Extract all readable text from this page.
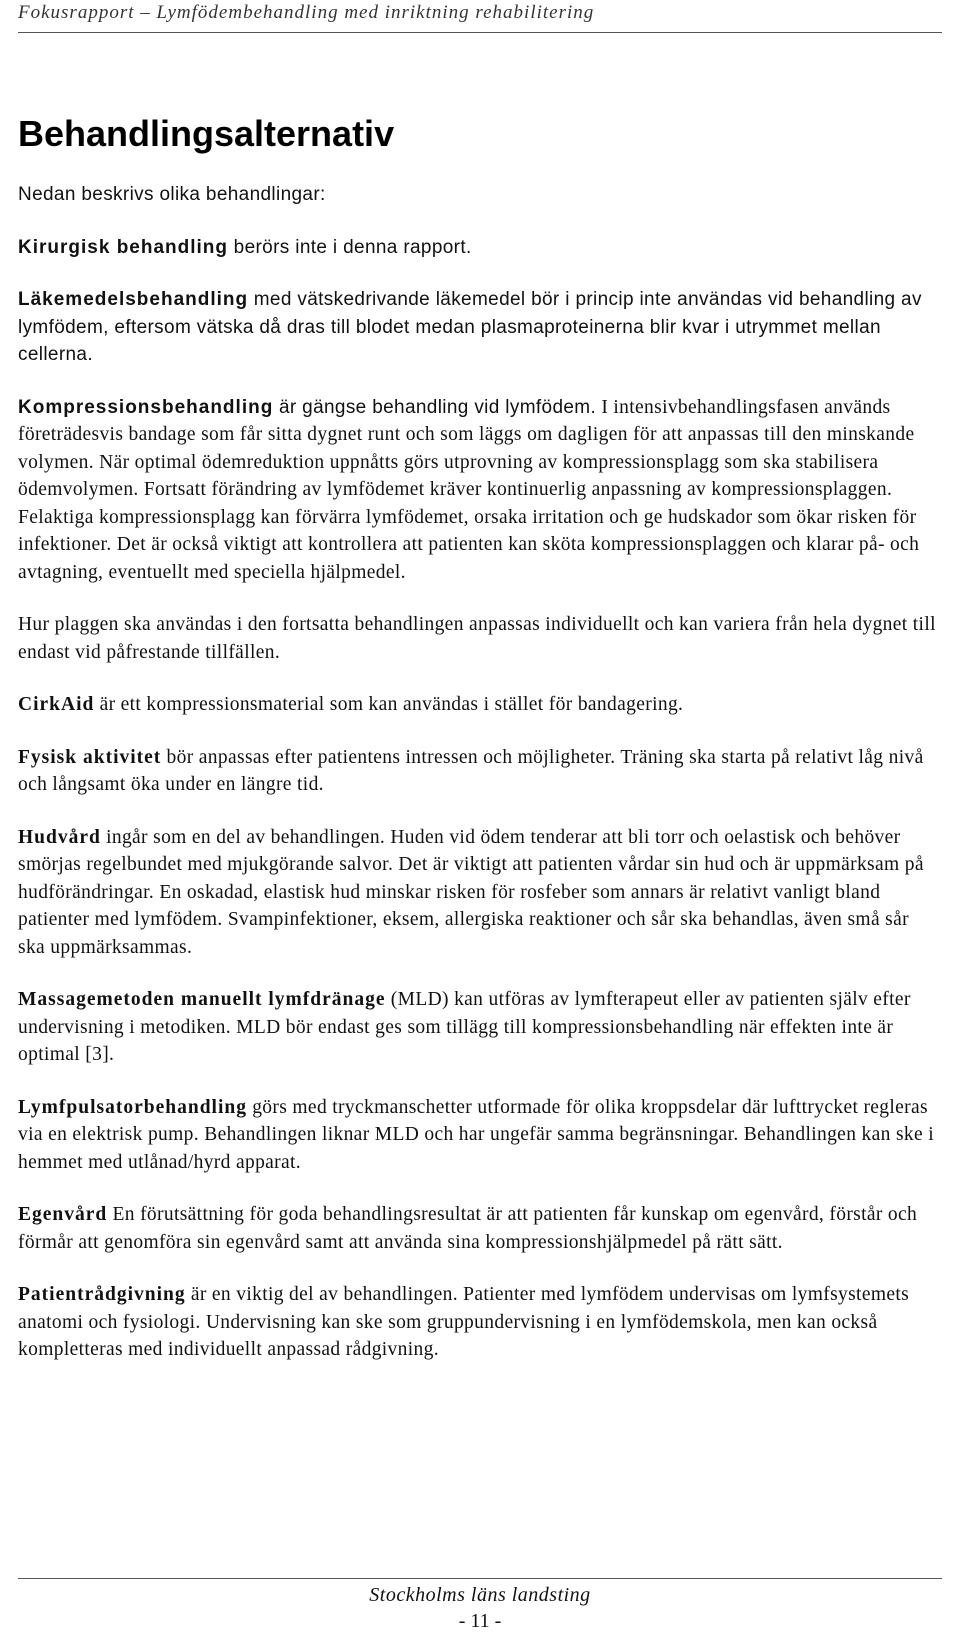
Fokusrapport – Lymfödembehandling med inriktning rehabilitering
Behandlingsalternativ

Nedan beskrivs olika behandlingar:

Kirurgisk behandling berörs inte i denna rapport.

Läkemedelsbehandling med vätskedrivande läkemedel bör i princip inte användas vid behandling av lymfödem, eftersom vätska då dras till blodet medan plasmaproteinerna blir kvar i utrymmet mellan cellerna.

Kompressionsbehandling är gängse behandling vid lymfödem. I intensivbehandlingsfasen används företrädesvis bandage som får sitta dygnet runt och som läggs om dagligen för att anpassas till den minskande volymen. När optimal ödemreduktion uppnåtts görs utprovning av kompressionsplagg som ska stabilisera ödemvolymen. Fortsatt förändring av lymfödemet kräver kontinuerlig anpassning av kompressionsplaggen. Felaktiga kompressionsplagg kan förvärra lymfödemet, orsaka irritation och ge hudskador som ökar risken för infektioner. Det är också viktigt att kontrollera att patienten kan sköta kompressionsplaggen och klarar på- och avtagning, eventuellt med speciella hjälpmedel.

Hur plaggen ska användas i den fortsatta behandlingen anpassas individuellt och kan variera från hela dygnet till endast vid påfrestande tillfällen.

CirkAid är ett kompressionsmaterial som kan användas i stället för bandagering.

Fysisk aktivitet bör anpassas efter patientens intressen och möjligheter. Träning ska starta på relativt låg nivå och långsamt öka under en längre tid.

Hudvård ingår som en del av behandlingen. Huden vid ödem tenderar att bli torr och oelastisk och behöver smörjas regelbundet med mjukgörande salvor. Det är viktigt att patienten vårdar sin hud och är uppmärksam på hudförändringar. En oskadad, elastisk hud minskar risken för rosfeber som annars är relativt vanligt bland patienter med lymfödem. Svampinfektioner, eksem, allergiska reaktioner och sår ska behandlas, även små sår ska uppmärksammas.

Massagemetoden manuellt lymfdränage (MLD) kan utföras av lymfterapeut eller av patienten själv efter undervisning i metodiken. MLD bör endast ges som tillägg till kompressionsbehandling när effekten inte är optimal [3].

Lymfpulsatorbehandling görs med tryckmanschetter utformade för olika kroppsdelar där lufttrycket regleras via en elektrisk pump. Behandlingen liknar MLD och har ungefär samma begränsningar. Behandlingen kan ske i hemmet med utlånad/hyrd apparat.

Egenvård En förutsättning för goda behandlingsresultat är att patienten får kunskap om egenvård, förstår och förmår att genomföra sin egenvård samt att använda sina kompressionshjälpmedel på rätt sätt.

Patientrådgivning är en viktig del av behandlingen. Patienter med lymfödem undervisas om lymfsystemets anatomi och fysiologi. Undervisning kan ske som gruppundervisning i en lymfödemskola, men kan också kompletteras med individuellt anpassad rådgivning.

Stockholms läns landsting
- 11 -
